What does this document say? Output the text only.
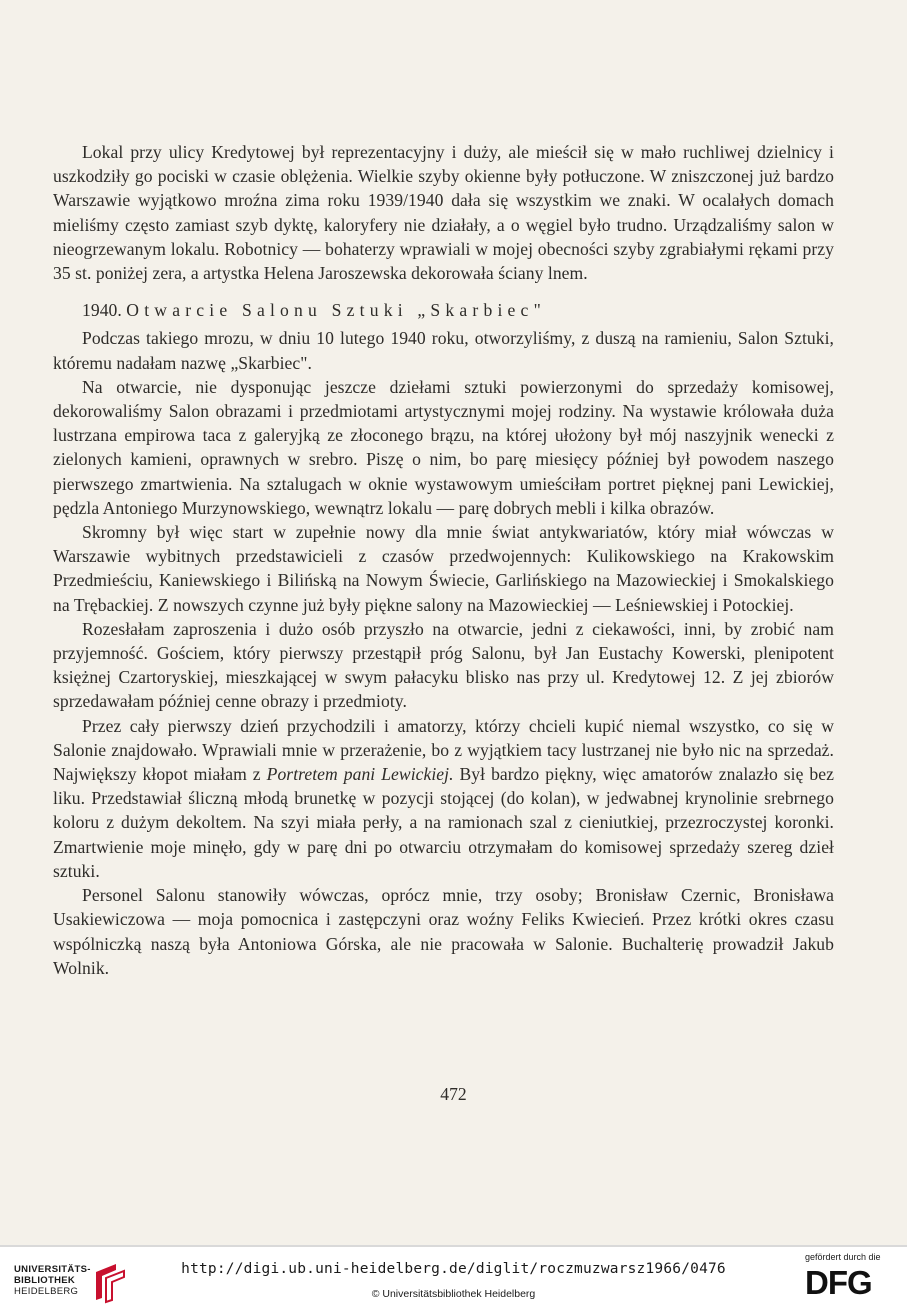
Lokal przy ulicy Kredytowej był reprezentacyjny i duży, ale mieścił się w mało ruchliwej dzielnicy i uszkodziły go pociski w czasie oblężenia. Wielkie szyby okienne były potłuczone. W zniszczonej już bardzo Warszawie wyjątkowo mroźna zima roku 1939/1940 dała się wszystkim we znaki. W ocalałych domach mieliśmy często zamiast szyb dyktę, kaloryfery nie działały, a o węgiel było trudno. Urządzaliśmy salon w nieogrzewanym lokalu. Robotnicy — bohaterzy wprawiali w mojej obecności szyby zgrabiałymi rękami przy 35 st. poniżej zera, a artystka Helena Jaroszewska dekorowała ściany lnem.

1940. Otwarcie Salonu Sztuki „Skarbiec"

Podczas takiego mrozu, w dniu 10 lutego 1940 roku, otworzyliśmy, z duszą na ramieniu, Salon Sztuki, któremu nadałam nazwę „Skarbiec".

Na otwarcie, nie dysponując jeszcze dziełami sztuki powierzonymi do sprzedaży komisowej, dekorowaliśmy Salon obrazami i przedmiotami artystycznymi mojej rodziny. Na wystawie królowała duża lustrzana empirowa taca z galeryjką ze złoconego brązu, na której ułożony był mój naszyjnik wenecki z zielonych kamieni, oprawnych w srebro. Piszę o nim, bo parę miesięcy później był powodem naszego pierwszego zmartwienia. Na sztalugach w oknie wystawowym umieściłam portret pięknej pani Lewickiej, pędzla Antoniego Murzynowskiego, wewnątrz lokalu — parę dobrych mebli i kilka obrazów.

Skromny był więc start w zupełnie nowy dla mnie świat antykwariatów, który miał wówczas w Warszawie wybitnych przedstawicieli z czasów przedwojennych: Kulikowskiego na Krakowskim Przedmieściu, Kaniewskiego i Bilińską na Nowym Świecie, Garlińskiego na Mazowieckiej i Smokalskiego na Trębackiej. Z nowszych czynne już były piękne salony na Mazowieckiej — Leśniewskiej i Potockiej.

Rozesłałam zaproszenia i dużo osób przyszło na otwarcie, jedni z ciekawości, inni, by zrobić nam przyjemność. Gościem, który pierwszy przestąpił próg Salonu, był Jan Eustachy Kowerski, plenipotent księżnej Czartoryskiej, mieszkającej w swym pałacyku blisko nas przy ul. Kredytowej 12. Z jej zbiorów sprzedawałam później cenne obrazy i przedmioty.

Przez cały pierwszy dzień przychodzili i amatorzy, którzy chcieli kupić niemal wszystko, co się w Salonie znajdowało. Wprawiali mnie w przerażenie, bo z wyjątkiem tacy lustrzanej nie było nic na sprzedaż. Największy kłopot miałam z Portretem pani Lewickiej. Był bardzo piękny, więc amatorów znalazło się bez liku. Przedstawiał śliczną młodą brunetkę w pozycji stojącej (do kolan), w jedwabnej krynolinie srebrnego koloru z dużym dekoltem. Na szyi miała perły, a na ramionach szal z cieniutkiej, przezroczystej koronki. Zmartwienie moje minęło, gdy w parę dni po otwarciu otrzymałam do komisowej sprzedaży szereg dzieł sztuki.

Personel Salonu stanowiły wówczas, oprócz mnie, trzy osoby; Bronisław Czernic, Bronisława Usakiewiczowa — moja pomocnica i zastępczyni oraz woźny Feliks Kwiecień. Przez krótki okres czasu wspólniczką naszą była Antoniowa Górska, ale nie pracowała w Salonie. Buchalterię prowadził Jakub Wolnik.

472
UNIVERSITÄTS-
BIBLIOTHEK
HEIDELBERG
http://digi.ub.uni-heidelberg.de/diglit/roczmuzwarsz1966/0476
© Universitätsbibliothek Heidelberg
gefördert durch die
DFG
